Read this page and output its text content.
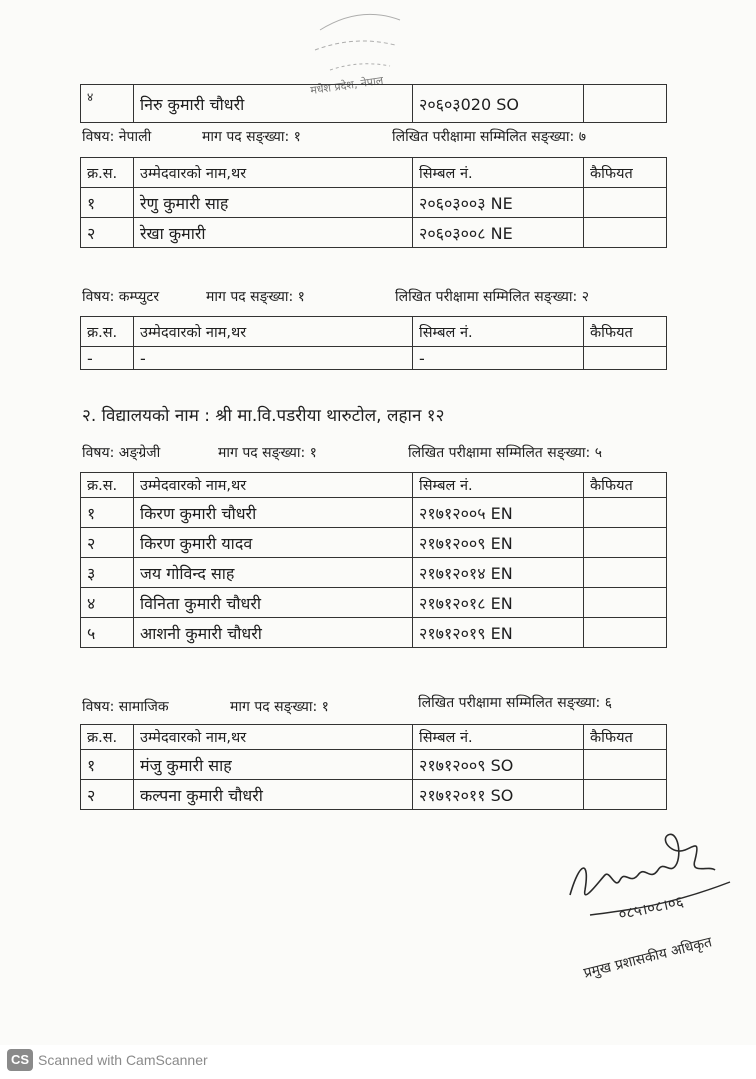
मधेश प्रदेश, नेपाल
४	निरु कुमारी चौधरी	२०६०३020 SO	
विषय: नेपाली	माग पद सङ्ख्या: १	लिखित परीक्षामा सम्मिलित सङ्ख्या: ७
क्र.स.	उम्मेदवारको नाम,थर	सिम्बल नं.	कैफियत
१	रेणु कुमारी साह	२०६०३००३ NE	
२	रेखा कुमारी	२०६०३००८ NE	
विषय: कम्प्युटर	माग पद सङ्ख्या: १	लिखित परीक्षामा सम्मिलित सङ्ख्या: २
क्र.स.	उम्मेदवारको नाम,थर	सिम्बल नं.	कैफियत
-	-	-	
२. विद्यालयको नाम : श्री मा.वि.पडरीया थारुटोल, लहान १२
विषय: अङ्ग्रेजी	माग पद सङ्ख्या: १	लिखित परीक्षामा सम्मिलित सङ्ख्या: ५
क्र.स.	उम्मेदवारको नाम,थर	सिम्बल नं.	कैफियत
१	किरण कुमारी चौधरी	२१७१२००५ EN	
२	किरण कुमारी यादव	२१७१२००९ EN	
३	जय गोविन्द साह	२१७१२०१४ EN	
४	विनिता कुमारी चौधरी	२१७१२०१८ EN	
५	आशनी कुमारी चौधरी	२१७१२०१९ EN	
विषय: सामाजिक	माग पद सङ्ख्या: १	लिखित परीक्षामा सम्मिलित सङ्ख्या: ६
क्र.स.	उम्मेदवारको नाम,थर	सिम्बल नं.	कैफियत
१	मंजु कुमारी साह	२१७१२००९ SO	
२	कल्पना कुमारी चौधरी	२१७१२०११ SO	
०८५।०८।०६
प्रमुख प्रशासकीय अधिकृत
CS Scanned with CamScanner
